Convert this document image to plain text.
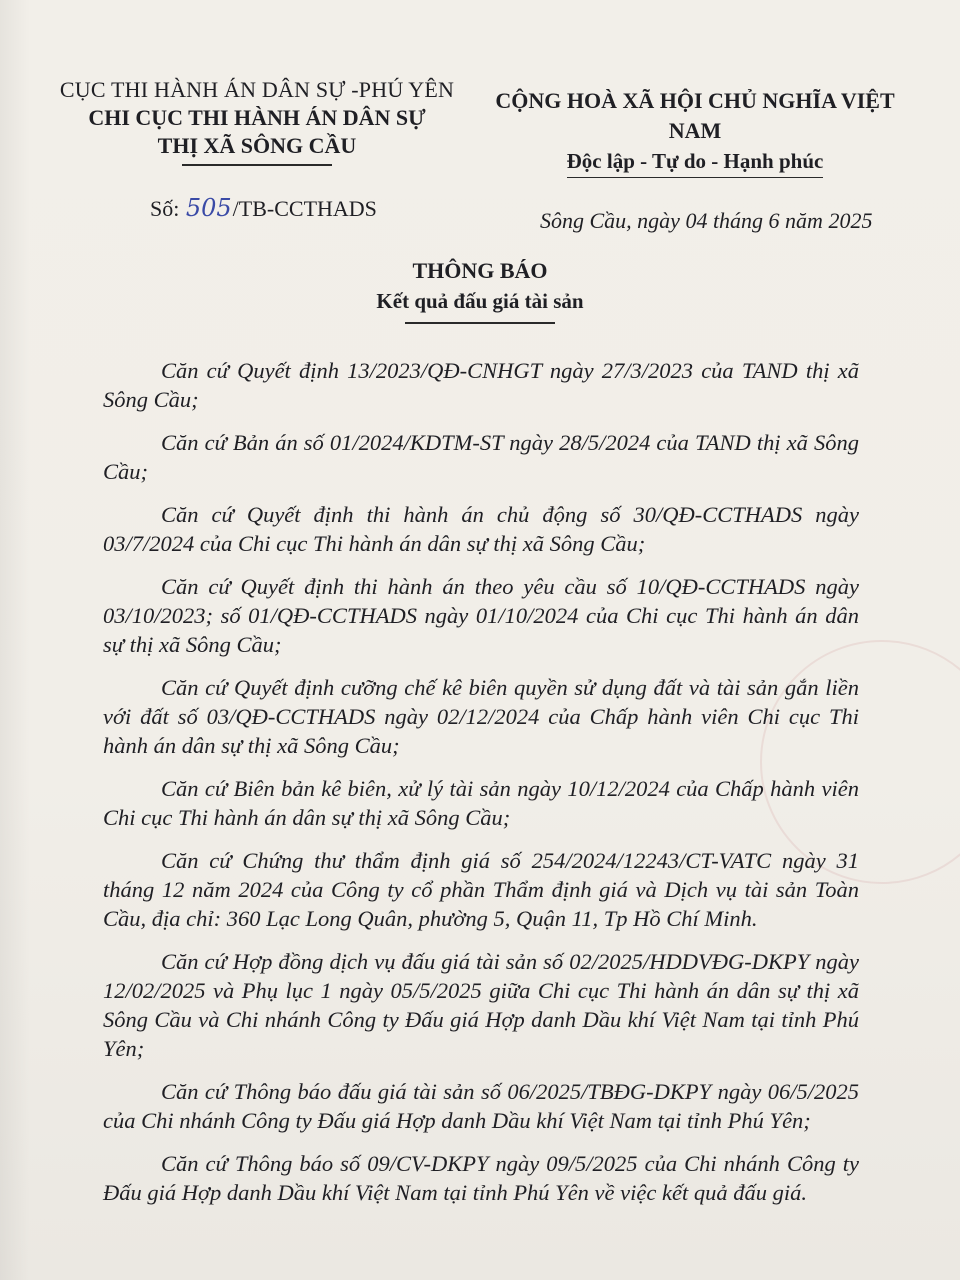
CỤC THI HÀNH ÁN DÂN SỰ -PHÚ YÊN
CHI CỤC THI HÀNH ÁN DÂN SỰ
THỊ XÃ SÔNG CẦU
CỘNG HOÀ XÃ HỘI CHỦ NGHĨA VIỆT NAM
Độc lập - Tự do - Hạnh phúc
Số: 505/TB-CCTHADS	Sông Cầu, ngày 04 tháng 6 năm 2025
THÔNG BÁO
Kết quả đấu giá tài sản

Căn cứ Quyết định 13/2023/QĐ-CNHGT ngày 27/3/2023 của TAND thị xã Sông Cầu;

Căn cứ Bản án số 01/2024/KDTM-ST ngày 28/5/2024 của TAND thị xã Sông Cầu;

Căn cứ Quyết định thi hành án chủ động số 30/QĐ-CCTHADS ngày 03/7/2024 của Chi cục Thi hành án dân sự thị xã Sông Cầu;

Căn cứ Quyết định thi hành án theo yêu cầu số 10/QĐ-CCTHADS ngày 03/10/2023; số 01/QĐ-CCTHADS ngày 01/10/2024 của Chi cục Thi hành án dân sự thị xã Sông Cầu;

Căn cứ Quyết định cưỡng chế kê biên quyền sử dụng đất và tài sản gắn liền với đất số 03/QĐ-CCTHADS ngày 02/12/2024 của Chấp hành viên Chi cục Thi hành án dân sự thị xã Sông Cầu;

Căn cứ Biên bản kê biên, xử lý tài sản ngày 10/12/2024 của Chấp hành viên Chi cục Thi hành án dân sự thị xã Sông Cầu;

Căn cứ Chứng thư thẩm định giá số 254/2024/12243/CT-VATC ngày 31 tháng 12 năm 2024 của Công ty cổ phần Thẩm định giá và Dịch vụ tài sản Toàn Cầu, địa chỉ: 360 Lạc Long Quân, phường 5, Quận 11, Tp Hồ Chí Minh.

Căn cứ Hợp đồng dịch vụ đấu giá tài sản số 02/2025/HDDVĐG-DKPY ngày 12/02/2025 và Phụ lục 1 ngày 05/5/2025 giữa Chi cục Thi hành án dân sự thị xã Sông Cầu và Chi nhánh Công ty Đấu giá Hợp danh Dầu khí Việt Nam tại tỉnh Phú Yên;

Căn cứ Thông báo đấu giá tài sản số 06/2025/TBĐG-DKPY ngày 06/5/2025 của Chi nhánh Công ty Đấu giá Hợp danh Dầu khí Việt Nam tại tỉnh Phú Yên;

Căn cứ Thông báo số 09/CV-DKPY ngày 09/5/2025 của Chi nhánh Công ty Đấu giá Hợp danh Dầu khí Việt Nam tại tỉnh Phú Yên về việc kết quả đấu giá.
